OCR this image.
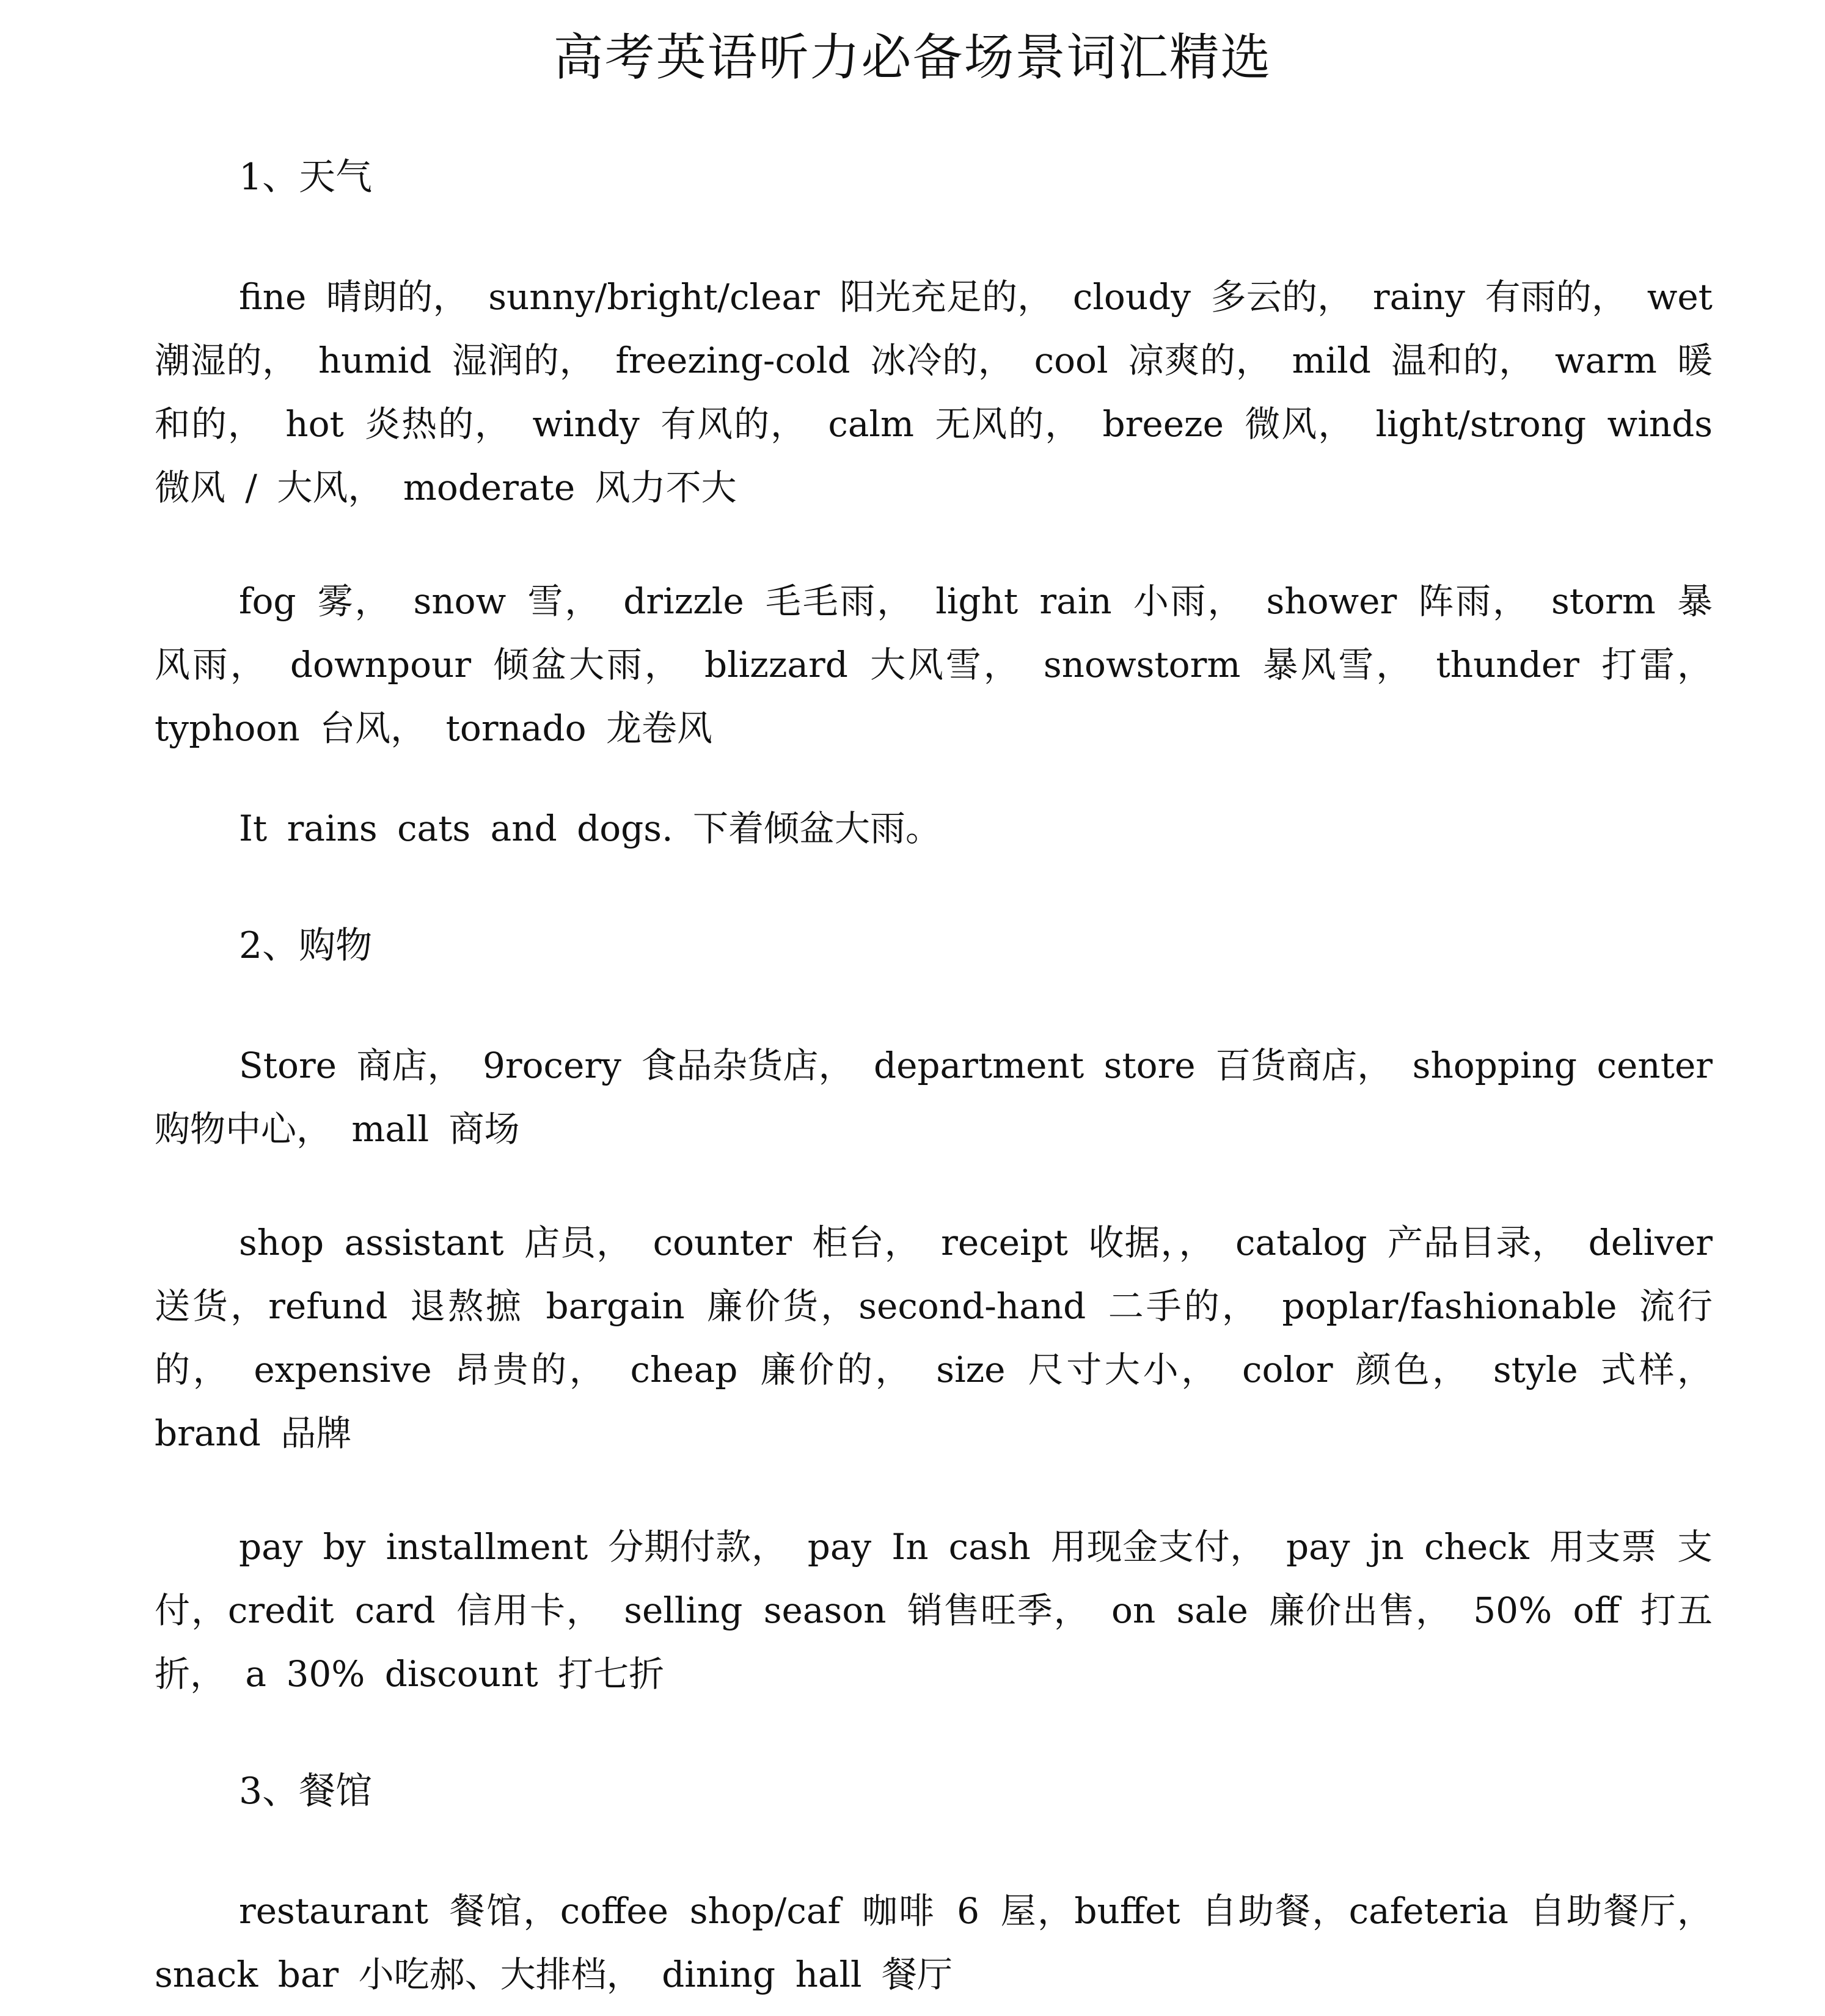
高考英语听力必备场景词汇精选

1、天气

fine 晴朗的， sunny/bright/clear 阳光充足的， cloudy 多云的， rainy 有雨的， wet 潮湿的， humid 湿润的， freezing-cold 冰冷的， cool 凉爽的， mild 温和的， warm 暖和的， hot 炎热的， windy 有风的， calm 无风的， breeze 微风， light/strong winds 微风 / 大风， moderate 风力不大

fog 雾， snow 雪， drizzle 毛毛雨， light rain 小雨， shower 阵雨， storm 暴 风雨， downpour 倾盆大雨， blizzard 大风雪， snowstorm 暴风雪， thunder 打雷， typhoon 台风， tornado 龙卷风

It rains cats and dogs. 下着倾盆大雨。

2、购物

Store 商店， 9rocery 食品杂货店， department store 百货商店， shopping center 购物中心， mall 商场

shop assistant 店员， counter 柜台， receipt 收据，， catalog 产品目录， deliver 送货，refund 退熬摭 bargain 廉价货，second-hand 二手的， poplar/fashionable 流行的， expensive 昂贵的， cheap 廉价的， size 尺寸大小， color 颜色， style 式样， brand 品牌

pay by installment 分期付款， pay In cash 用现金支付， pay jn check 用支票 支付，credit card 信用卡， selling season 销售旺季， on sale 廉价出售， 50% off 打五折， a 30% discount 打七折

3、餐馆

restaurant 餐馆，coffee shop/caf 咖啡 6 屋，buffet 自助餐，cafeteria 自助餐厅， snack bar 小吃郝、大排档， dining hall 餐厅
